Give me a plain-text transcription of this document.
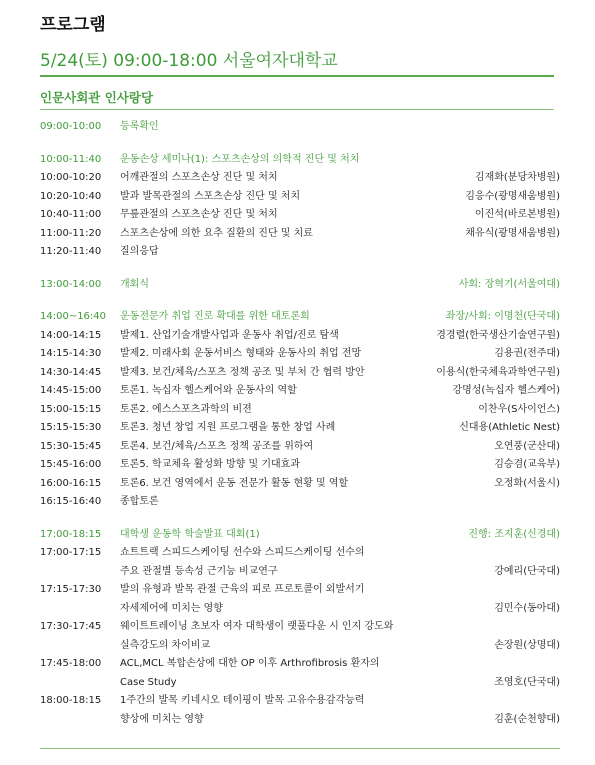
프로그램
5/24(토) 09:00-18:00 서울여자대학교
인문사회관 인사랑당
09:00-10:00	등록확인
10:00-11:40	운동손상 세미나(1): 스포츠손상의 의학적 진단 및 처치
10:00-10:20	어깨관절의 스포츠손상 진단 및 처치	김재화(분당차병원)
10:20-10:40	발과 발목관절의 스포츠손상 진단 및 처치	김응수(광명새움병원)
10:40-11:00	무릎관절의 스포츠손상 진단 및 처치	이진석(바로본병원)
11:00-11:20	스포츠손상에 의한 요추 질환의 진단 및 치료	채유식(광명새움병원)
11:20-11:40	질의응답
13:00-14:00	개회식	사회: 장혁기(서울여대)
14:00~16:40	운동전문가 취업 진로 확대를 위한 대토론회	좌장/사회: 이명천(단국대)
14:00-14:15	발제1. 산업기술개발사업과 운동사 취업/진로 탐색	경경렬(한국생산기술연구원)
14:15-14:30	발제2. 미래사회 운동서비스 형태와 운동사의 취업 전망	김용권(전주대)
14:30-14:45	발제3. 보건/체육/스포츠 정책 공조 및 부처 간 협력 방안	이용식(한국체육과학연구원)
14:45-15:00	토론1. 녹십자 헬스케어와 운동사의 역할	강명성(녹십자 헬스케어)
15:00-15:15	토론2. 에스스포츠과학의 비젼	이찬우(S사이언스)
15:15-15:30	토론3. 청년 창업 지원 프로그램을 통한 창업 사례	신대용(Athletic Nest)
15:30-15:45	토론4. 보건/체육/스포츠 정책 공조를 위하여	오연풍(군산대)
15:45-16:00	토론5. 학교체육 활성화 방향 및 기대효과	김승겸(교육부)
16:00-16:15	토론6. 보건 영역에서 운동 전문가 활동 현황 및 역할	오정화(서울시)
16:15-16:40	종합토론
17:00-18:15	대학생 운동학 학술발표 대회(1)	진행: 조지훈(신경대)
17:00-17:15	쇼트트랙 스피드스케이팅 선수와 스피드스케이팅 선수의
주요 관절별 등속성 근기능 비교연구	강예리(단국대)
17:15-17:30	발의 유형과 발목 관절 근육의 피로 프로토콜이 외발서기
자세제어에 미치는 영향	김민수(동아대)
17:30-17:45	웨이트트레이닝 초보자 여자 대학생이 랫풀다운 시 인지 강도와
실측강도의 차이비교	손장원(상명대)
17:45-18:00	ACL,MCL 복합손상에 대한 OP 이후 Arthrofibrosis 환자의
Case Study	조영호(단국대)
18:00-18:15	1주간의 발목 키네시오 테이핑이 발목 고유수용감각능력
향상에 미치는 영향	김훈(순천향대)
